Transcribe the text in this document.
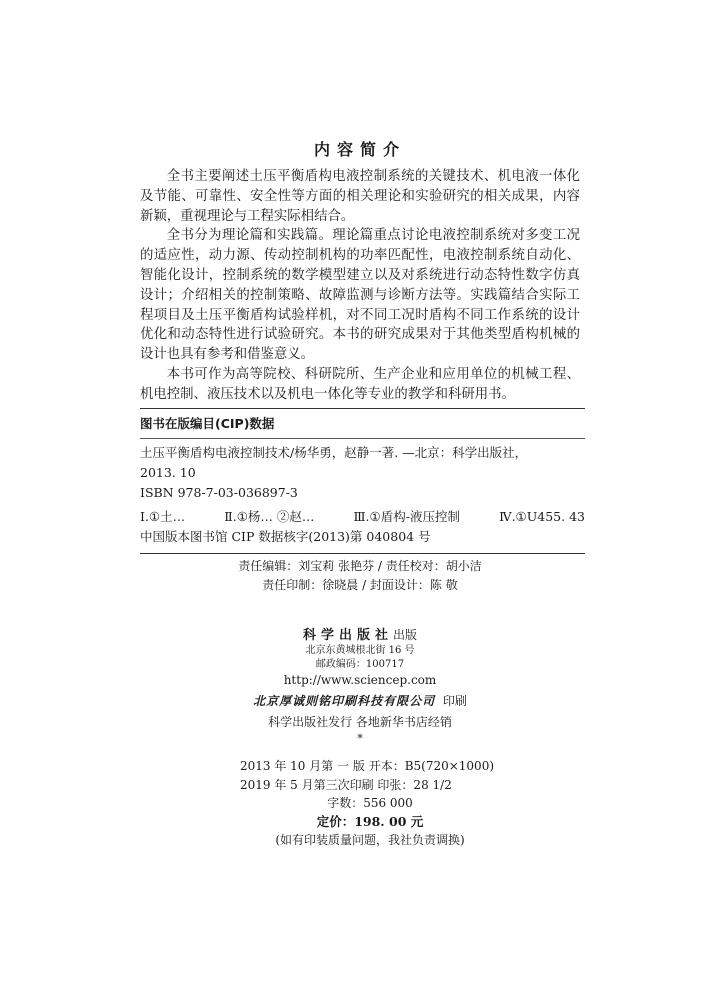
内容简介

全书主要阐述土压平衡盾构电液控制系统的关键技术、机电液一体化及节能、可靠性、安全性等方面的相关理论和实验研究的相关成果，内容新颖，重视理论与工程实际相结合。

全书分为理论篇和实践篇。理论篇重点讨论电液控制系统对多变工况的适应性，动力源、传动控制机构的功率匹配性，电液控制系统自动化、智能化设计，控制系统的数学模型建立以及对系统进行动态特性数字仿真设计；介绍相关的控制策略、故障监测与诊断方法等。实践篇结合实际工程项目及土压平衡盾构试验样机，对不同工况时盾构不同工作系统的设计优化和动态特性进行试验研究。本书的研究成果对于其他类型盾构机械的设计也具有参考和借鉴意义。

本书可作为高等院校、科研院所、生产企业和应用单位的机械工程、机电控制、液压技术以及机电一体化等专业的教学和科研用书。

图书在版编目(CIP)数据
土压平衡盾构电液控制技术/杨华勇，赵静一著. —北京：科学出版社，
2013. 10
ISBN 978-7-03-036897-3
Ⅰ.①土…	Ⅱ.①杨… ②赵…	Ⅲ.①盾构-液压控制	Ⅳ.①U455. 43
中国版本图书馆 CIP 数据核字(2013)第 040804 号
责任编辑：刘宝莉 张艳芬 / 责任校对：胡小洁
责任印制：徐晓晨 / 封面设计：陈 敬
科学出版社出版
北京东黄城根北街 16 号
邮政编码：100717
http://www.sciencep.com
北京厚诚则铭印刷科技有限公司 印刷
科学出版社发行 各地新华书店经销
*
2013 年 10 月第 一 版 开本：B5(720×1000)
2019 年 5 月第三次印刷 印张：28 1/2
字数：556 000
定价：198. 00 元
(如有印装质量问题，我社负责调换)
